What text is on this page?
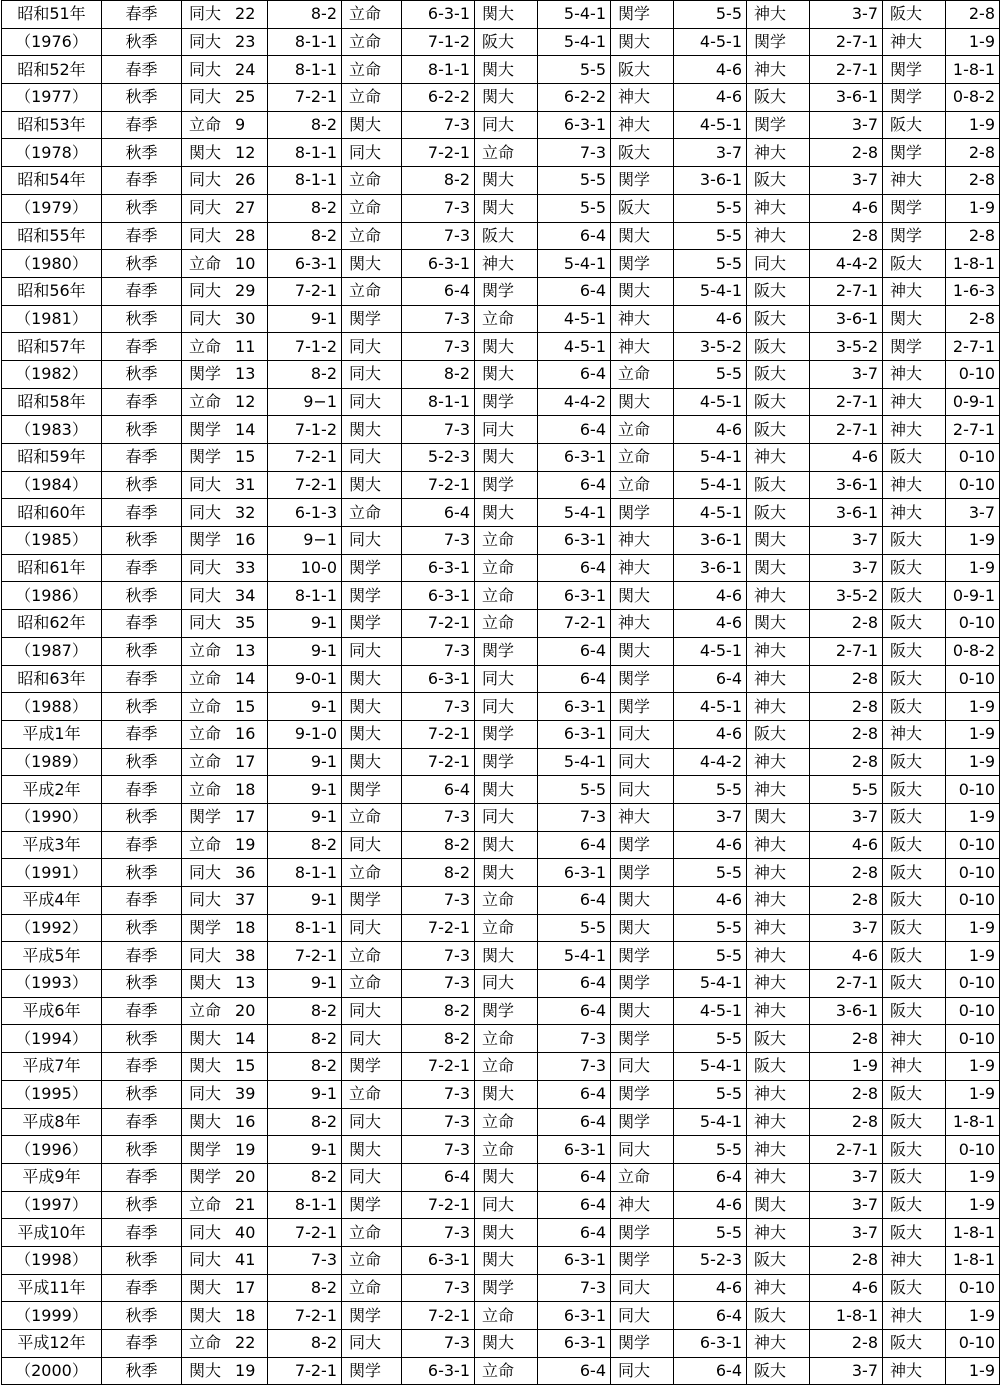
昭和51年	春季	同大 22	8-2	立命	6-3-1	関大	5-4-1	関学	5-5	神大	3-7	阪大	2-8
（1976）	秋季	同大 23	8-1-1	立命	7-1-2	阪大	5-4-1	関大	4-5-1	関学	2-7-1	神大	1-9
昭和52年	春季	同大 24	8-1-1	立命	8-1-1	関大	5-5	阪大	4-6	神大	2-7-1	関学	1-8-1
（1977）	秋季	同大 25	7-2-1	立命	6-2-2	関大	6-2-2	神大	4-6	阪大	3-6-1	関学	0-8-2
昭和53年	春季	立命 9	8-2	関大	7-3	同大	6-3-1	神大	4-5-1	関学	3-7	阪大	1-9
（1978）	秋季	関大 12	8-1-1	同大	7-2-1	立命	7-3	阪大	3-7	神大	2-8	関学	2-8
昭和54年	春季	同大 26	8-1-1	立命	8-2	関大	5-5	関学	3-6-1	阪大	3-7	神大	2-8
（1979）	秋季	同大 27	8-2	立命	7-3	関大	5-5	阪大	5-5	神大	4-6	関学	1-9
昭和55年	春季	同大 28	8-2	立命	7-3	阪大	6-4	関大	5-5	神大	2-8	関学	2-8
（1980）	秋季	立命 10	6-3-1	関大	6-3-1	神大	5-4-1	関学	5-5	同大	4-4-2	阪大	1-8-1
昭和56年	春季	同大 29	7-2-1	立命	6-4	関学	6-4	関大	5-4-1	阪大	2-7-1	神大	1-6-3
（1981）	秋季	同大 30	9-1	関学	7-3	立命	4-5-1	神大	4-6	阪大	3-6-1	関大	2-8
昭和57年	春季	立命 11	7-1-2	同大	7-3	関大	4-5-1	神大	3-5-2	阪大	3-5-2	関学	2-7-1
（1982）	秋季	関学 13	8-2	同大	8-2	関大	6-4	立命	5-5	阪大	3-7	神大	0-10
昭和58年	春季	立命 12	9−1	同大	8-1-1	関学	4-4-2	関大	4-5-1	阪大	2-7-1	神大	0-9-1
（1983）	秋季	関学 14	7-1-2	関大	7-3	同大	6-4	立命	4-6	阪大	2-7-1	神大	2-7-1
昭和59年	春季	関学 15	7-2-1	同大	5-2-3	関大	6-3-1	立命	5-4-1	神大	4-6	阪大	0-10
（1984）	秋季	同大 31	7-2-1	関大	7-2-1	関学	6-4	立命	5-4-1	阪大	3-6-1	神大	0-10
昭和60年	春季	同大 32	6-1-3	立命	6-4	関大	5-4-1	関学	4-5-1	阪大	3-6-1	神大	3-7
（1985）	秋季	関学 16	9−1	同大	7-3	立命	6-3-1	神大	3-6-1	関大	3-7	阪大	1-9
昭和61年	春季	同大 33	10-0	関学	6-3-1	立命	6-4	神大	3-6-1	関大	3-7	阪大	1-9
（1986）	秋季	同大 34	8-1-1	関学	6-3-1	立命	6-3-1	関大	4-6	神大	3-5-2	阪大	0-9-1
昭和62年	春季	同大 35	9-1	関学	7-2-1	立命	7-2-1	神大	4-6	関大	2-8	阪大	0-10
（1987）	秋季	立命 13	9-1	同大	7-3	関学	6-4	関大	4-5-1	神大	2-7-1	阪大	0-8-2
昭和63年	春季	立命 14	9-0-1	関大	6-3-1	同大	6-4	関学	6-4	神大	2-8	阪大	0-10
（1988）	秋季	立命 15	9-1	関大	7-3	同大	6-3-1	関学	4-5-1	神大	2-8	阪大	1-9
平成1年	春季	立命 16	9-1-0	関大	7-2-1	関学	6-3-1	同大	4-6	阪大	2-8	神大	1-9
（1989）	秋季	立命 17	9-1	関大	7-2-1	関学	5-4-1	同大	4-4-2	神大	2-8	阪大	1-9
平成2年	春季	立命 18	9-1	関学	6-4	関大	5-5	同大	5-5	神大	5-5	阪大	0-10
（1990）	秋季	関学 17	9-1	立命	7-3	同大	7-3	神大	3-7	関大	3-7	阪大	1-9
平成3年	春季	立命 19	8-2	同大	8-2	関大	6-4	関学	4-6	神大	4-6	阪大	0-10
（1991）	秋季	同大 36	8-1-1	立命	8-2	関大	6-3-1	関学	5-5	神大	2-8	阪大	0-10
平成4年	春季	同大 37	9-1	関学	7-3	立命	6-4	関大	4-6	神大	2-8	阪大	0-10
（1992）	秋季	関学 18	8-1-1	同大	7-2-1	立命	5-5	関大	5-5	神大	3-7	阪大	1-9
平成5年	春季	同大 38	7-2-1	立命	7-3	関大	5-4-1	関学	5-5	神大	4-6	阪大	1-9
（1993）	秋季	関大 13	9-1	立命	7-3	同大	6-4	関学	5-4-1	神大	2-7-1	阪大	0-10
平成6年	春季	立命 20	8-2	同大	8-2	関学	6-4	関大	4-5-1	神大	3-6-1	阪大	0-10
（1994）	秋季	関大 14	8-2	同大	8-2	立命	7-3	関学	5-5	阪大	2-8	神大	0-10
平成7年	春季	関大 15	8-2	関学	7-2-1	立命	7-3	同大	5-4-1	阪大	1-9	神大	1-9
（1995）	秋季	同大 39	9-1	立命	7-3	関大	6-4	関学	5-5	神大	2-8	阪大	1-9
平成8年	春季	関大 16	8-2	同大	7-3	立命	6-4	関学	5-4-1	神大	2-8	阪大	1-8-1
（1996）	秋季	関学 19	9-1	関大	7-3	立命	6-3-1	同大	5-5	神大	2-7-1	阪大	0-10
平成9年	春季	関学 20	8-2	同大	6-4	関大	6-4	立命	6-4	神大	3-7	阪大	1-9
（1997）	秋季	立命 21	8-1-1	関学	7-2-1	同大	6-4	神大	4-6	関大	3-7	阪大	1-9
平成10年	春季	同大 40	7-2-1	立命	7-3	関大	6-4	関学	5-5	神大	3-7	阪大	1-8-1
（1998）	秋季	同大 41	7-3	立命	6-3-1	関大	6-3-1	関学	5-2-3	阪大	2-8	神大	1-8-1
平成11年	春季	関大 17	8-2	立命	7-3	関学	7-3	同大	4-6	神大	4-6	阪大	0-10
（1999）	秋季	関大 18	7-2-1	関学	7-2-1	立命	6-3-1	同大	6-4	阪大	1-8-1	神大	1-9
平成12年	春季	立命 22	8-2	同大	7-3	関大	6-3-1	関学	6-3-1	神大	2-8	阪大	0-10
（2000）	秋季	関大 19	7-2-1	関学	6-3-1	立命	6-4	同大	6-4	阪大	3-7	神大	1-9
